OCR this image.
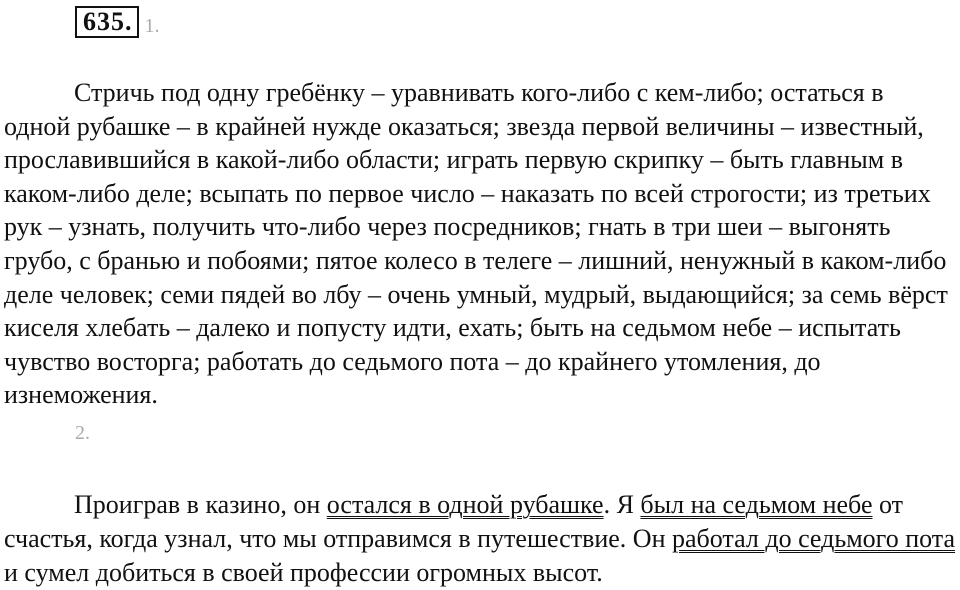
635. 1.

Стричь под одну гребёнку – уравнивать кого-либо с кем-либо; остаться в одной рубашке – в крайней нужде оказаться; звезда первой величины – известный, прославившийся в какой-либо области; играть первую скрипку – быть главным в каком-либо деле; всыпать по первое число – наказать по всей строгости; из третьих рук – узнать, получить что-либо через посредников; гнать в три шеи – выгонять грубо, с бранью и побоями; пятое колесо в телеге – лишний, ненужный в каком-либо деле человек; семи пядей во лбу – очень умный, мудрый, выдающийся; за семь вёрст киселя хлебать – далеко и попусту идти, ехать; быть на седьмом небе – испытать чувство восторга; работать до седьмого пота – до крайнего утомления, до изнеможения.

2.

Проиграв в казино, он остался в одной рубашке. Я был на седьмом небе от счастья, когда узнал, что мы отправимся в путешествие. Он работал до седьмого пота и сумел добиться в своей профессии огромных высот.
